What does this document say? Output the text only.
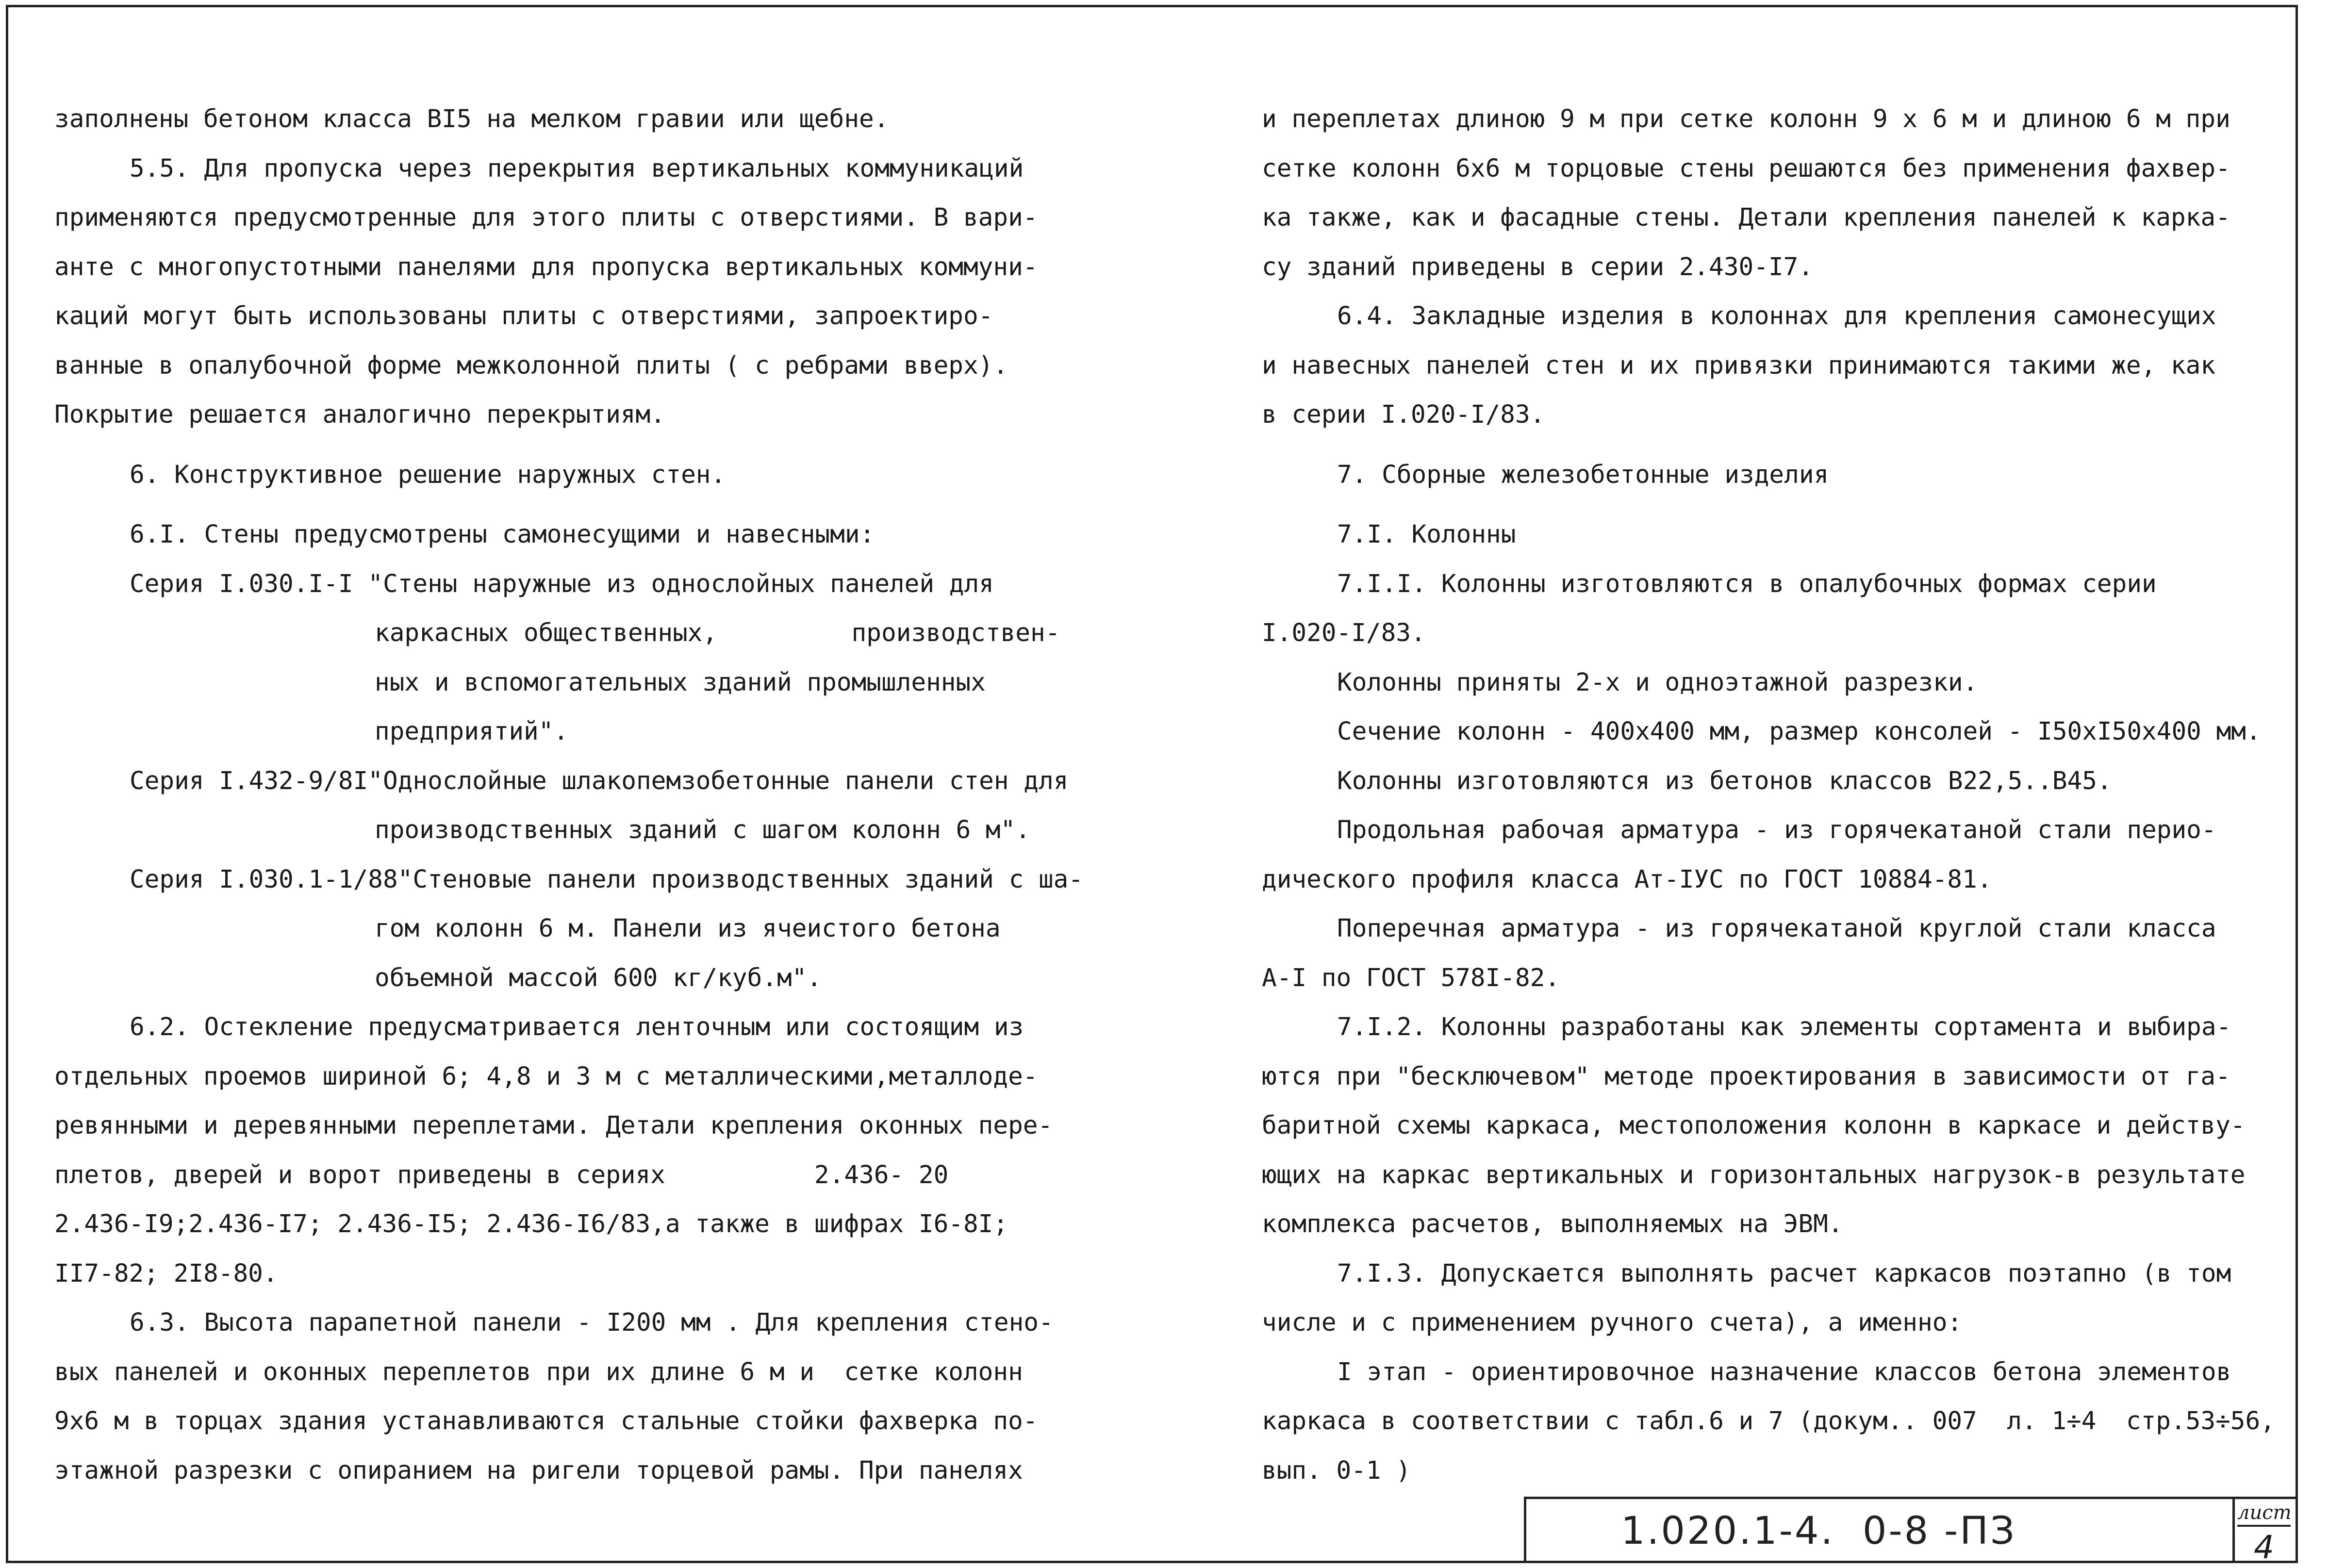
заполнены бетоном класса BI5 на мелком гравии или щебне.
5.5. Для пропуска через перекрытия вертикальных коммуникаций
применяются предусмотренные для этого плиты с отверстиями. В вари-
анте с многопустотными панелями для пропуска вертикальных коммуни-
каций могут быть использованы плиты с отверстиями, запроектиро-
ванные в опалубочной форме межколонной плиты ( с ребрами вверх).
Покрытие решается аналогично перекрытиям.
6. Конструктивное решение наружных стен.
6.I. Стены предусмотрены самонесущими и навесными:
Серия I.030.I-I "Стены наружные из однослойных панелей для
каркасных общественных,         производствен-
ных и вспомогательных зданий промышленных
предприятий".
Серия I.432-9/8I"Однослойные шлакопемзобетонные панели стен для
производственных зданий с шагом колонн 6 м".
Серия I.030.1-1/88"Стеновые панели производственных зданий с ша-
гом колонн 6 м. Панели из ячеистого бетона
объемной массой 600 кг/куб.м".
6.2. Остекление предусматривается ленточным или состоящим из
отдельных проемов шириной 6; 4,8 и 3 м с металлическими,металлоде-
ревянными и деревянными переплетами. Детали крепления оконных пере-
плетов, дверей и ворот приведены в сериях          2.436- 20
2.436-I9;2.436-I7; 2.436-I5; 2.436-I6/83,а также в шифрах I6-8I;
II7-82; 2I8-80.
6.3. Высота парапетной панели - I200 мм . Для крепления стено-
вых панелей и оконных переплетов при их длине 6 м и  сетке колонн
9х6 м в торцах здания устанавливаются стальные стойки фахверка по-
этажной разрезки с опиранием на ригели торцевой рамы. При панелях
и переплетах длиною 9 м при сетке колонн 9 х 6 м и длиною 6 м при
сетке колонн 6х6 м торцовые стены решаются без применения фахвер-
ка также, как и фасадные стены. Детали крепления панелей к карка-
су зданий приведены в серии 2.430-I7.
6.4. Закладные изделия в колоннах для крепления самонесущих
и навесных панелей стен и их привязки принимаются такими же, как
в серии I.020-I/83.
7. Сборные железобетонные изделия
7.I. Колонны
7.I.I. Колонны изготовляются в опалубочных формах серии
I.020-I/83.
Колонны приняты 2-х и одноэтажной разрезки.
Сечение колонн - 400х400 мм, размер консолей - I50хI50х400 мм.
Колонны изготовляются из бетонов классов В22,5..В45.
Продольная рабочая арматура - из горячекатаной стали перио-
дического профиля класса Ат-IУС по ГОСТ 10884-81.
Поперечная арматура - из горячекатаной круглой стали класса
А-I по ГОСТ 578I-82.
7.I.2. Колонны разработаны как элементы сортамента и выбира-
ются при "бесключевом" методе проектирования в зависимости от га-
баритной схемы каркаса, местоположения колонн в каркасе и действу-
ющих на каркас вертикальных и горизонтальных нагрузок-в результате
комплекса расчетов, выполняемых на ЭВМ.
7.I.3. Допускается выполнять расчет каркасов поэтапно (в том
числе и с применением ручного счета), а именно:
I этап - ориентировочное назначение классов бетона элементов
каркаса в соответствии с табл.6 и 7 (докум.. 007  л. 1÷4  стр.53÷56,
вып. 0-1 )
1.020.1-4.  0-8 -ПЗ	лист
4
